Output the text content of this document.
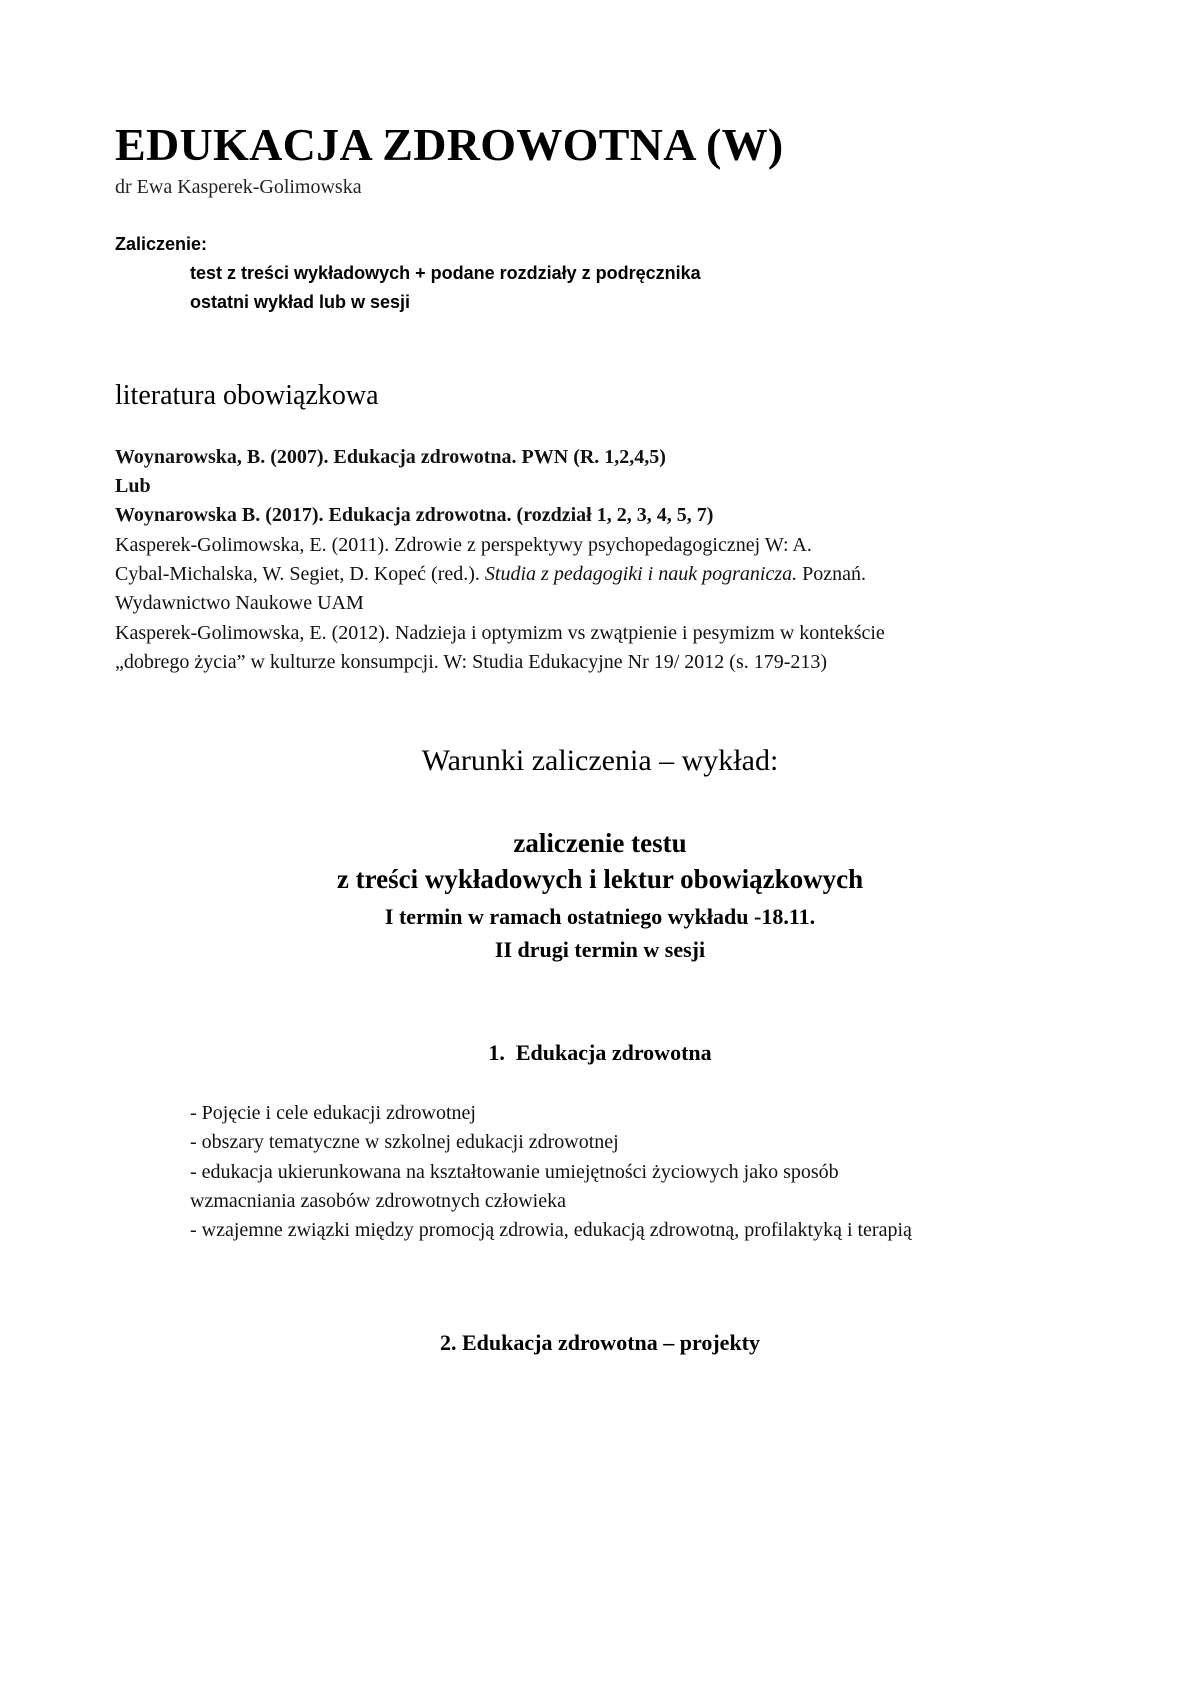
EDUKACJA ZDROWOTNA (W)
dr Ewa Kasperek-Golimowska
Zaliczenie:
test z treści wykładowych + podane rozdziały z podręcznika
ostatni wykład lub w sesji
literatura obowiązkowa
Woynarowska, B. (2007). Edukacja zdrowotna. PWN (R. 1,2,4,5)
Lub
Woynarowska B. (2017). Edukacja zdrowotna. (rozdział 1, 2, 3, 4, 5, 7)
Kasperek-Golimowska, E. (2011). Zdrowie z perspektywy psychopedagogicznej W: A.
Cybal-Michalska, W. Segiet, D. Kopeć (red.). Studia z pedagogiki i nauk pogranicza. Poznań.
Wydawnictwo Naukowe UAM
Kasperek-Golimowska, E. (2012). Nadzieja i optymizm vs zwątpienie i pesymizm w kontekście
„dobrego życia” w kulturze konsumpcji. W: Studia Edukacyjne Nr 19/ 2012 (s. 179-213)
Warunki zaliczenia – wykład:
zaliczenie testu
z treści wykładowych i lektur obowiązkowych
I termin w ramach ostatniego wykładu -18.11.
II drugi termin w sesji
1. Edukacja zdrowotna
- Pojęcie i cele edukacji zdrowotnej
- obszary tematyczne w szkolnej edukacji zdrowotnej
- edukacja ukierunkowana na kształtowanie umiejętności życiowych jako sposób
wzmacniania zasobów zdrowotnych człowieka
- wzajemne związki między promocją zdrowia, edukacją zdrowotną, profilaktyką i terapią
2. Edukacja zdrowotna – projekty
